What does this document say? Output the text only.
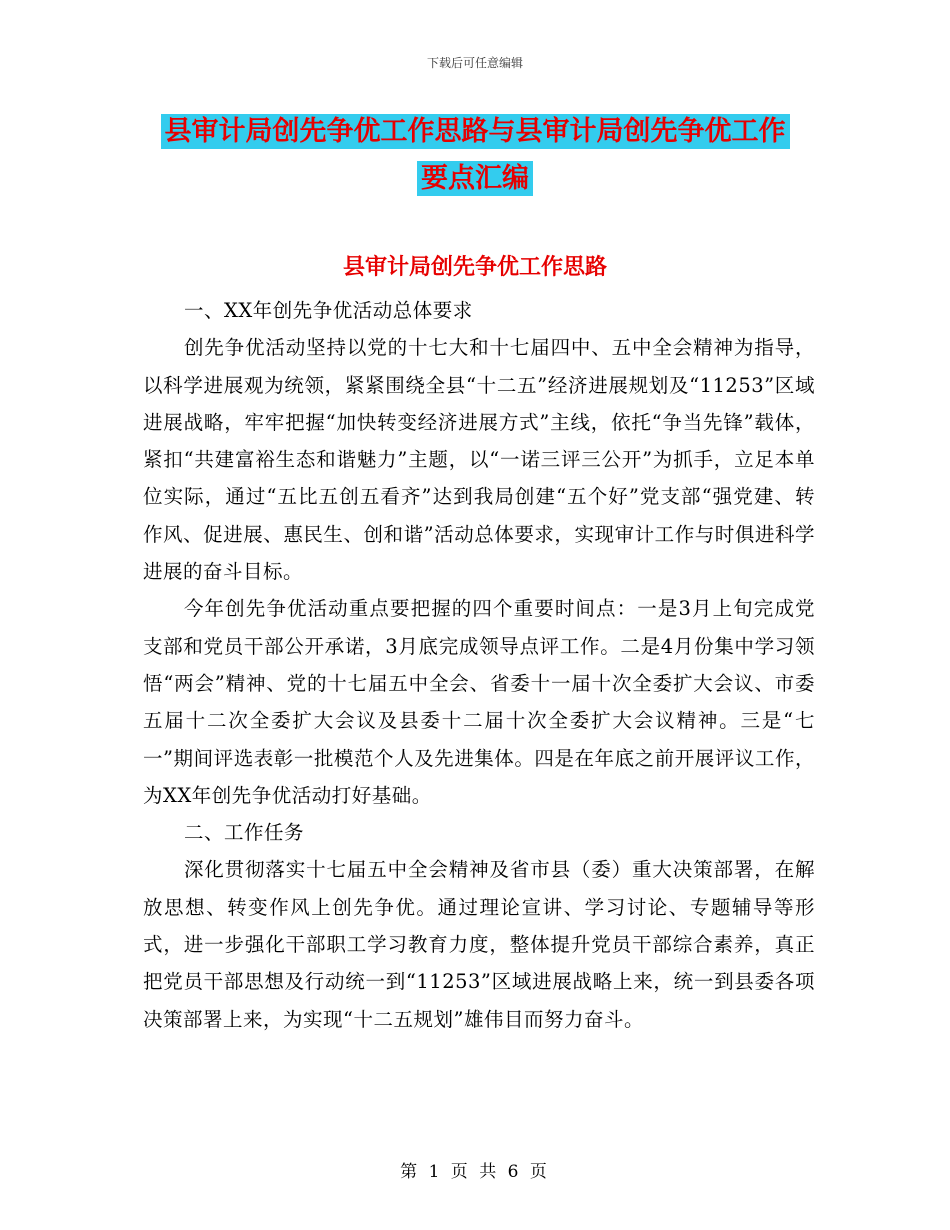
下载后可任意编辑
县审计局创先争优工作思路与县审计局创先争优工作
要点汇编
县审计局创先争优工作思路

一、XX年创先争优活动总体要求

创先争优活动坚持以党的十七大和十七届四中、五中全会精神为指导，以科学进展观为统领，紧紧围绕全县“十二五”经济进展规划及“11253”区域进展战略，牢牢把握“加快转变经济进展方式”主线，依托“争当先锋”载体，紧扣“共建富裕生态和谐魅力”主题，以“一诺三评三公开”为抓手，立足本单位实际，通过“五比五创五看齐”达到我局创建“五个好”党支部“强党建、转作风、促进展、惠民生、创和谐”活动总体要求，实现审计工作与时俱进科学进展的奋斗目标。

今年创先争优活动重点要把握的四个重要时间点：一是3月上旬完成党支部和党员干部公开承诺，3月底完成领导点评工作。二是4月份集中学习领悟“两会”精神、党的十七届五中全会、省委十一届十次全委扩大会议、市委五届十二次全委扩大会议及县委十二届十次全委扩大会议精神。三是“七一”期间评选表彰一批模范个人及先进集体。四是在年底之前开展评议工作，为XX年创先争优活动打好基础。

二、工作任务

深化贯彻落实十七届五中全会精神及省市县（委）重大决策部署，在解放思想、转变作风上创先争优。通过理论宣讲、学习讨论、专题辅导等形式，进一步强化干部职工学习教育力度，整体提升党员干部综合素养，真正把党员干部思想及行动统一到“11253”区域进展战略上来，统一到县委各项决策部署上来，为实现“十二五规划”雄伟目而努力奋斗。

第 1 页 共 6 页
